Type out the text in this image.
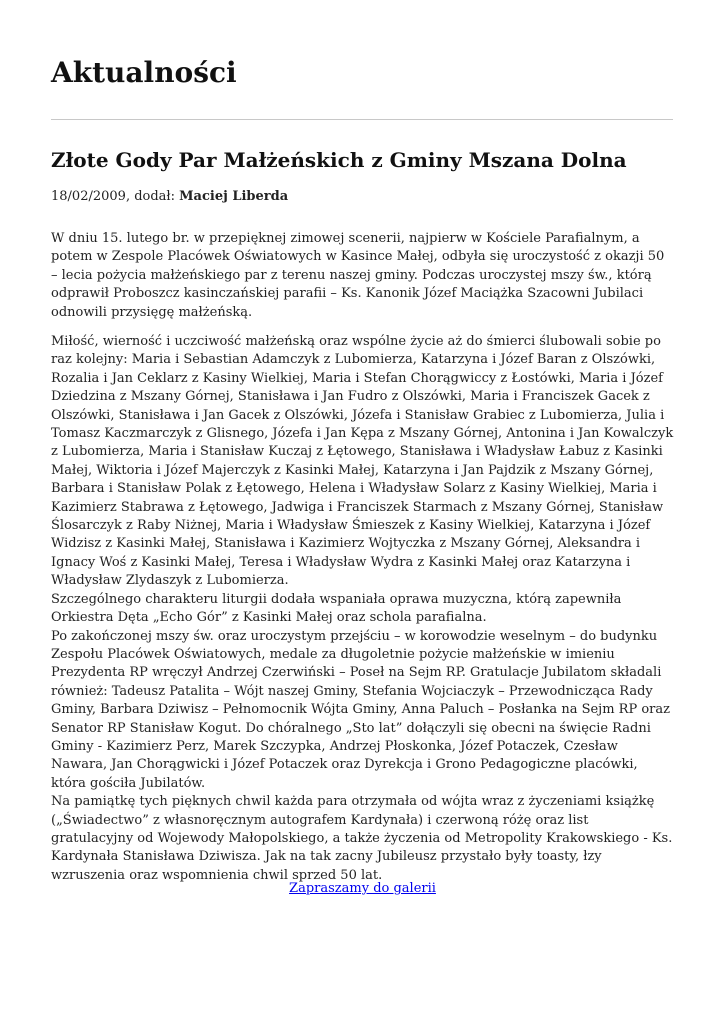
Aktualności
Złote Gody Par Małżeńskich z Gminy Mszana Dolna
18/02/2009, dodał: Maciej Liberda

W dniu 15. lutego br. w przepięknej zimowej scenerii, najpierw w Kościele Parafialnym, a potem w Zespole Placówek Oświatowych w Kasince Małej, odbyła się uroczystość z okazji 50 – lecia pożycia małżeńskiego par z terenu naszej gminy. Podczas uroczystej mszy św., którą odprawił Proboszcz kasinczańskiej parafii – Ks. Kanonik Józef Maciążka Szacowni Jubilaci odnowili przysięgę małżeńską.

Miłość, wierność i uczciwość małżeńską oraz wspólne życie aż do śmierci ślubowali sobie po raz kolejny: Maria i Sebastian Adamczyk z Lubomierza, Katarzyna i Józef Baran z Olszówki, Rozalia i Jan Ceklarz z Kasiny Wielkiej, Maria i Stefan Chorągwiccy z Łostówki, Maria i Józef Dziedzina z Mszany Górnej, Stanisława i Jan Fudro z Olszówki, Maria i Franciszek Gacek z Olszówki, Stanisława i Jan Gacek z Olszówki, Józefa i Stanisław Grabiec z Lubomierza, Julia i Tomasz Kaczmarczyk z Glisnego, Józefa i Jan Kępa z Mszany Górnej, Antonina i Jan Kowalczyk z Lubomierza, Maria i Stanisław Kuczaj z Łętowego, Stanisława i Władysław Łabuz z Kasinki Małej, Wiktoria i Józef Majerczyk z Kasinki Małej, Katarzyna i Jan Pajdzik z Mszany Górnej, Barbara i Stanisław Polak z Łętowego, Helena i Władysław Solarz z Kasiny Wielkiej, Maria i Kazimierz Stabrawa z Łętowego, Jadwiga i Franciszek Starmach z Mszany Górnej, Stanisław Ślosarczyk z Raby Niżnej, Maria i Władysław Śmieszek z Kasiny Wielkiej, Katarzyna i Józef Widzisz z Kasinki Małej, Stanisława i Kazimierz Wojtyczka z Mszany Górnej, Aleksandra i Ignacy Woś z Kasinki Małej, Teresa i Władysław Wydra z Kasinki Małej oraz Katarzyna i Władysław Zlydaszyk z Lubomierza.

Szczególnego charakteru liturgii dodała wspaniała oprawa muzyczna, którą zapewniła Orkiestra Dęta „Echo Gór” z Kasinki Małej oraz schola parafialna.

Po zakończonej mszy św. oraz uroczystym przejściu – w korowodzie weselnym – do budynku Zespołu Placówek Oświatowych, medale za długoletnie pożycie małżeńskie w imieniu Prezydenta RP wręczył Andrzej Czerwiński – Poseł na Sejm RP. Gratulacje Jubilatom składali również: Tadeusz Patalita – Wójt naszej Gminy, Stefania Wojciaczyk – Przewodnicząca Rady Gminy, Barbara Dziwisz – Pełnomocnik Wójta Gminy, Anna Paluch – Posłanka na Sejm RP oraz Senator RP Stanisław Kogut. Do chóralnego „Sto lat” dołączyli się obecni na święcie Radni Gminy - Kazimierz Perz, Marek Szczypka, Andrzej Płoskonka, Józef Potaczek, Czesław Nawara, Jan Chorągwicki i Józef Potaczek oraz Dyrekcja i Grono Pedagogiczne placówki, która gościła Jubilatów.

Na pamiątkę tych pięknych chwil każda para otrzymała od wójta wraz z życzeniami książkę („Świadectwo” z własnoręcznym autografem Kardynała) i czerwoną różę oraz list gratulacyjny od Wojewody Małopolskiego, a także życzenia od Metropolity Krakowskiego - Ks. Kardynała Stanisława Dziwisza. Jak na tak zacny Jubileusz przystało były toasty, łzy wzruszenia oraz wspomnienia chwil sprzed 50 lat.

Zapraszamy do galerii
